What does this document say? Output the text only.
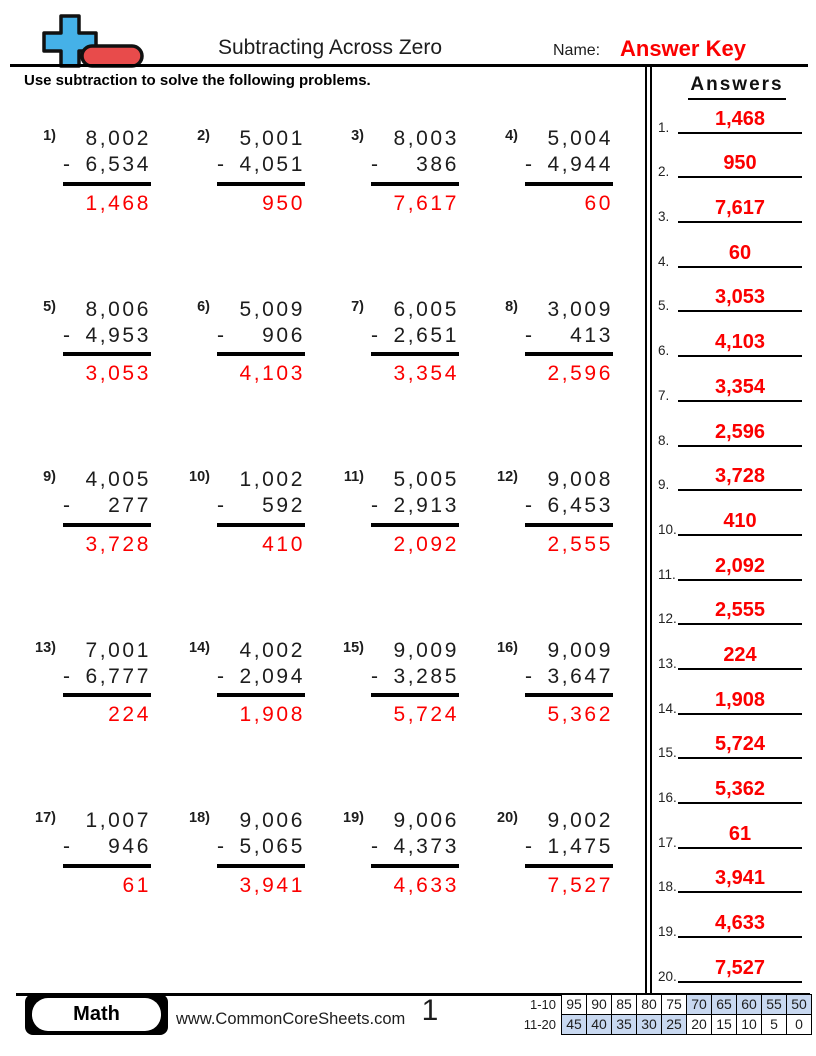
Subtracting Across Zero	Name: Answer Key
Use subtraction to solve the following problems.
1)	8,002
- 6,534
1,468
2)	5,001
- 4,051
950
3)	8,003
- 386
7,617
4)	5,004
- 4,944
60
5)	8,006
- 4,953
3,053
6)	5,009
- 906
4,103
7)	6,005
- 2,651
3,354
8)	3,009
- 413
2,596
9)	4,005
- 277
3,728
10)	1,002
- 592
410
11)	5,005
- 2,913
2,092
12)	9,008
- 6,453
2,555
13)	7,001
- 6,777
224
14)	4,002
- 2,094
1,908
15)	9,009
- 3,285
5,724
16)	9,009
- 3,647
5,362
17)	1,007
- 946
61
18)	9,006
- 5,065
3,941
19)	9,006
- 4,373
4,633
20)	9,002
- 1,475
7,527
Answers
1.	1,468
2.	950
3.	7,617
4.	60
5.	3,053
6.	4,103
7.	3,354
8.	2,596
9.	3,728
10.	410
11.	2,092
12.	2,555
13.	224
14.	1,908
15.	5,724
16.	5,362
17.	61
18.	3,941
19.	4,633
20.	7,527
Math	www.CommonCoreSheets.com 1	1-10 95 90 85 80 75 70 65 60 55 50
11-20 45 40 35 30 25 20 15 10 5	0
